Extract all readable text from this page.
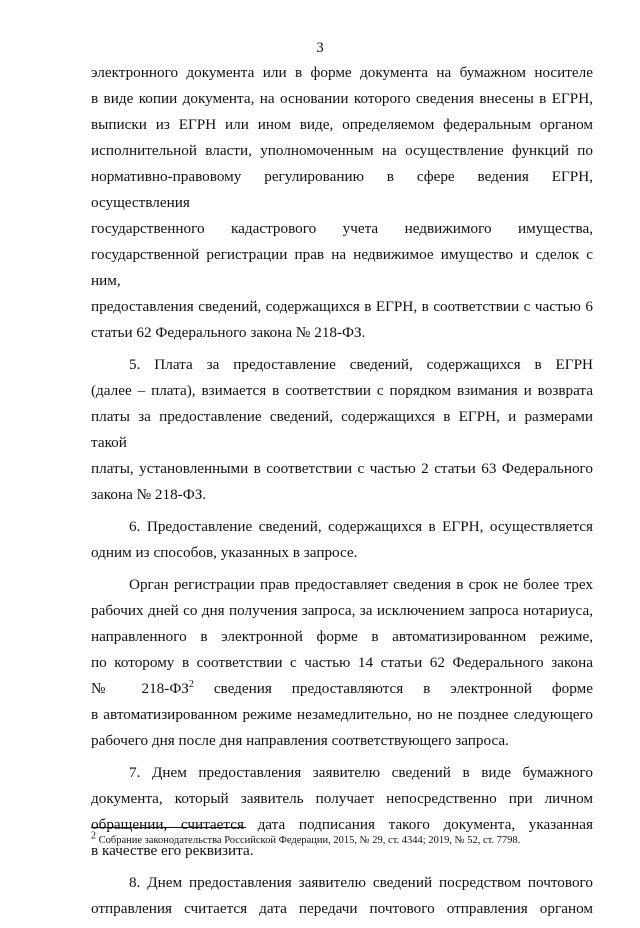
3
электронного документа или в форме документа на бумажном носителе
в виде копии документа, на основании которого сведения внесены в ЕГРН,
выписки из ЕГРН или ином виде, определяемом федеральным органом
исполнительной власти, уполномоченным на осуществление функций по
нормативно-правовому регулированию в сфере ведения ЕГРН, осуществления
государственного кадастрового учета недвижимого имущества,
государственной регистрации прав на недвижимое имущество и сделок с ним,
предоставления сведений, содержащихся в ЕГРН, в соответствии с частью 6
статьи 62 Федерального закона № 218-ФЗ.
5. Плата за предоставление сведений, содержащихся в ЕГРН
(далее – плата), взимается в соответствии с порядком взимания и возврата
платы за предоставление сведений, содержащихся в ЕГРН, и размерами такой
платы, установленными в соответствии с частью 2 статьи 63 Федерального
закона № 218-ФЗ.
6. Предоставление сведений, содержащихся в ЕГРН, осуществляется
одним из способов, указанных в запросе.
Орган регистрации прав предоставляет сведения в срок не более трех
рабочих дней со дня получения запроса, за исключением запроса нотариуса,
направленного в электронной форме в автоматизированном режиме,
по которому в соответствии с частью 14 статьи 62 Федерального закона
№ $218-ФЗ^2$ сведения предоставляются в электронной форме
в автоматизированном режиме незамедлительно, но не позднее следующего
рабочего дня после дня направления соответствующего запроса.
7. Днем предоставления заявителю сведений в виде бумажного
документа, который заявитель получает непосредственно при личном
обращении, считается дата подписания такого документа, указанная
в качестве его реквизита.
8. Днем предоставления заявителю сведений посредством почтового
отправления считается дата передачи почтового отправления органом
$^2$ Собрание законодательства Российской Федерации, 2015, № 29, ст. 4344; 2019, № 52, ст. 7798.
